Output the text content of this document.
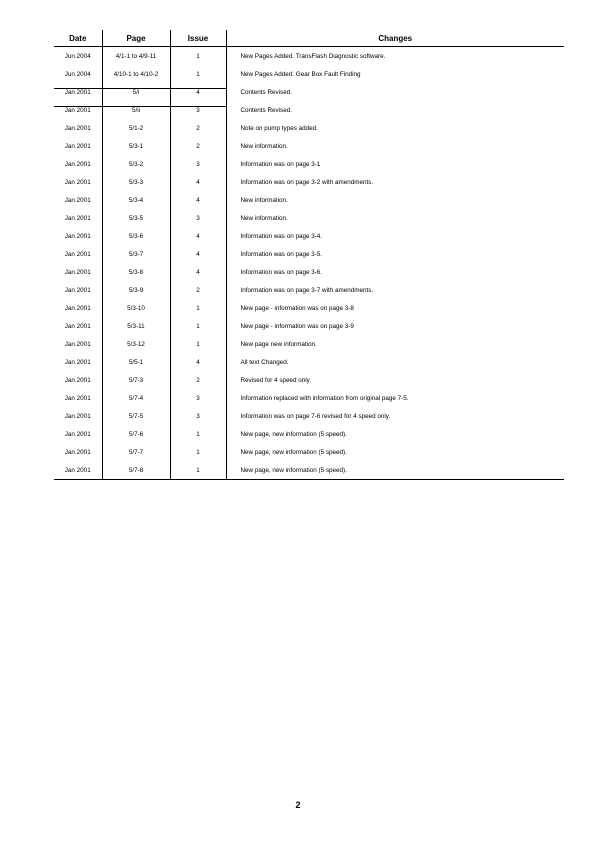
Date	Page	Issue	Changes
Jun 2004	4/1-1 to 4/9-11	1	New Pages Added. TransFlash Diagnostic software.
Jun 2004	4/10-1 to 4/10-2	1	New Pages Added. Gear Box Fault Finding
Jan 2001	5/i	4	Contents Revised.
Jan 2001	5/ii	3	Contents Revised.
Jan 2001	5/1-2	2	Note on pump types added.
Jan 2001	5/3-1	2	New information.
Jan 2001	5/3-2	3	Information was on page 3-1
Jan 2001	5/3-3	4	Information was on page 3-2 with amendments.
Jan 2001	5/3-4	4	New information.
Jan 2001	5/3-5	3	New information.
Jan 2001	5/3-6	4	Information was on page 3-4.
Jan 2001	5/3-7	4	Information was on page 3-5.
Jan 2001	5/3-8	4	Information was on page 3-6.
Jan 2001	5/3-9	2	Information was on page 3-7 with amendments.
Jan 2001	5/3-10	1	New page - information was on page 3-8
Jan 2001	5/3-11	1	New page - information was on page 3-9
Jan 2001	5/3-12	1	New page new information.
Jan 2001	5/5-1	4	All text Changed.
Jan 2001	5/7-3	2	Revised for 4 speed only.
Jan 2001	5/7-4	3	Information replaced with information from original page 7-5.
Jan 2001	5/7-5	3	Information was on page 7-6 revised for 4 speed only.
Jan 2001	5/7-6	1	New page, new information (5 speed).
Jan 2001	5/7-7	1	New page, new information (5 speed).
Jan 2001	5/7-8	1	New page, new information (5 speed).
2
